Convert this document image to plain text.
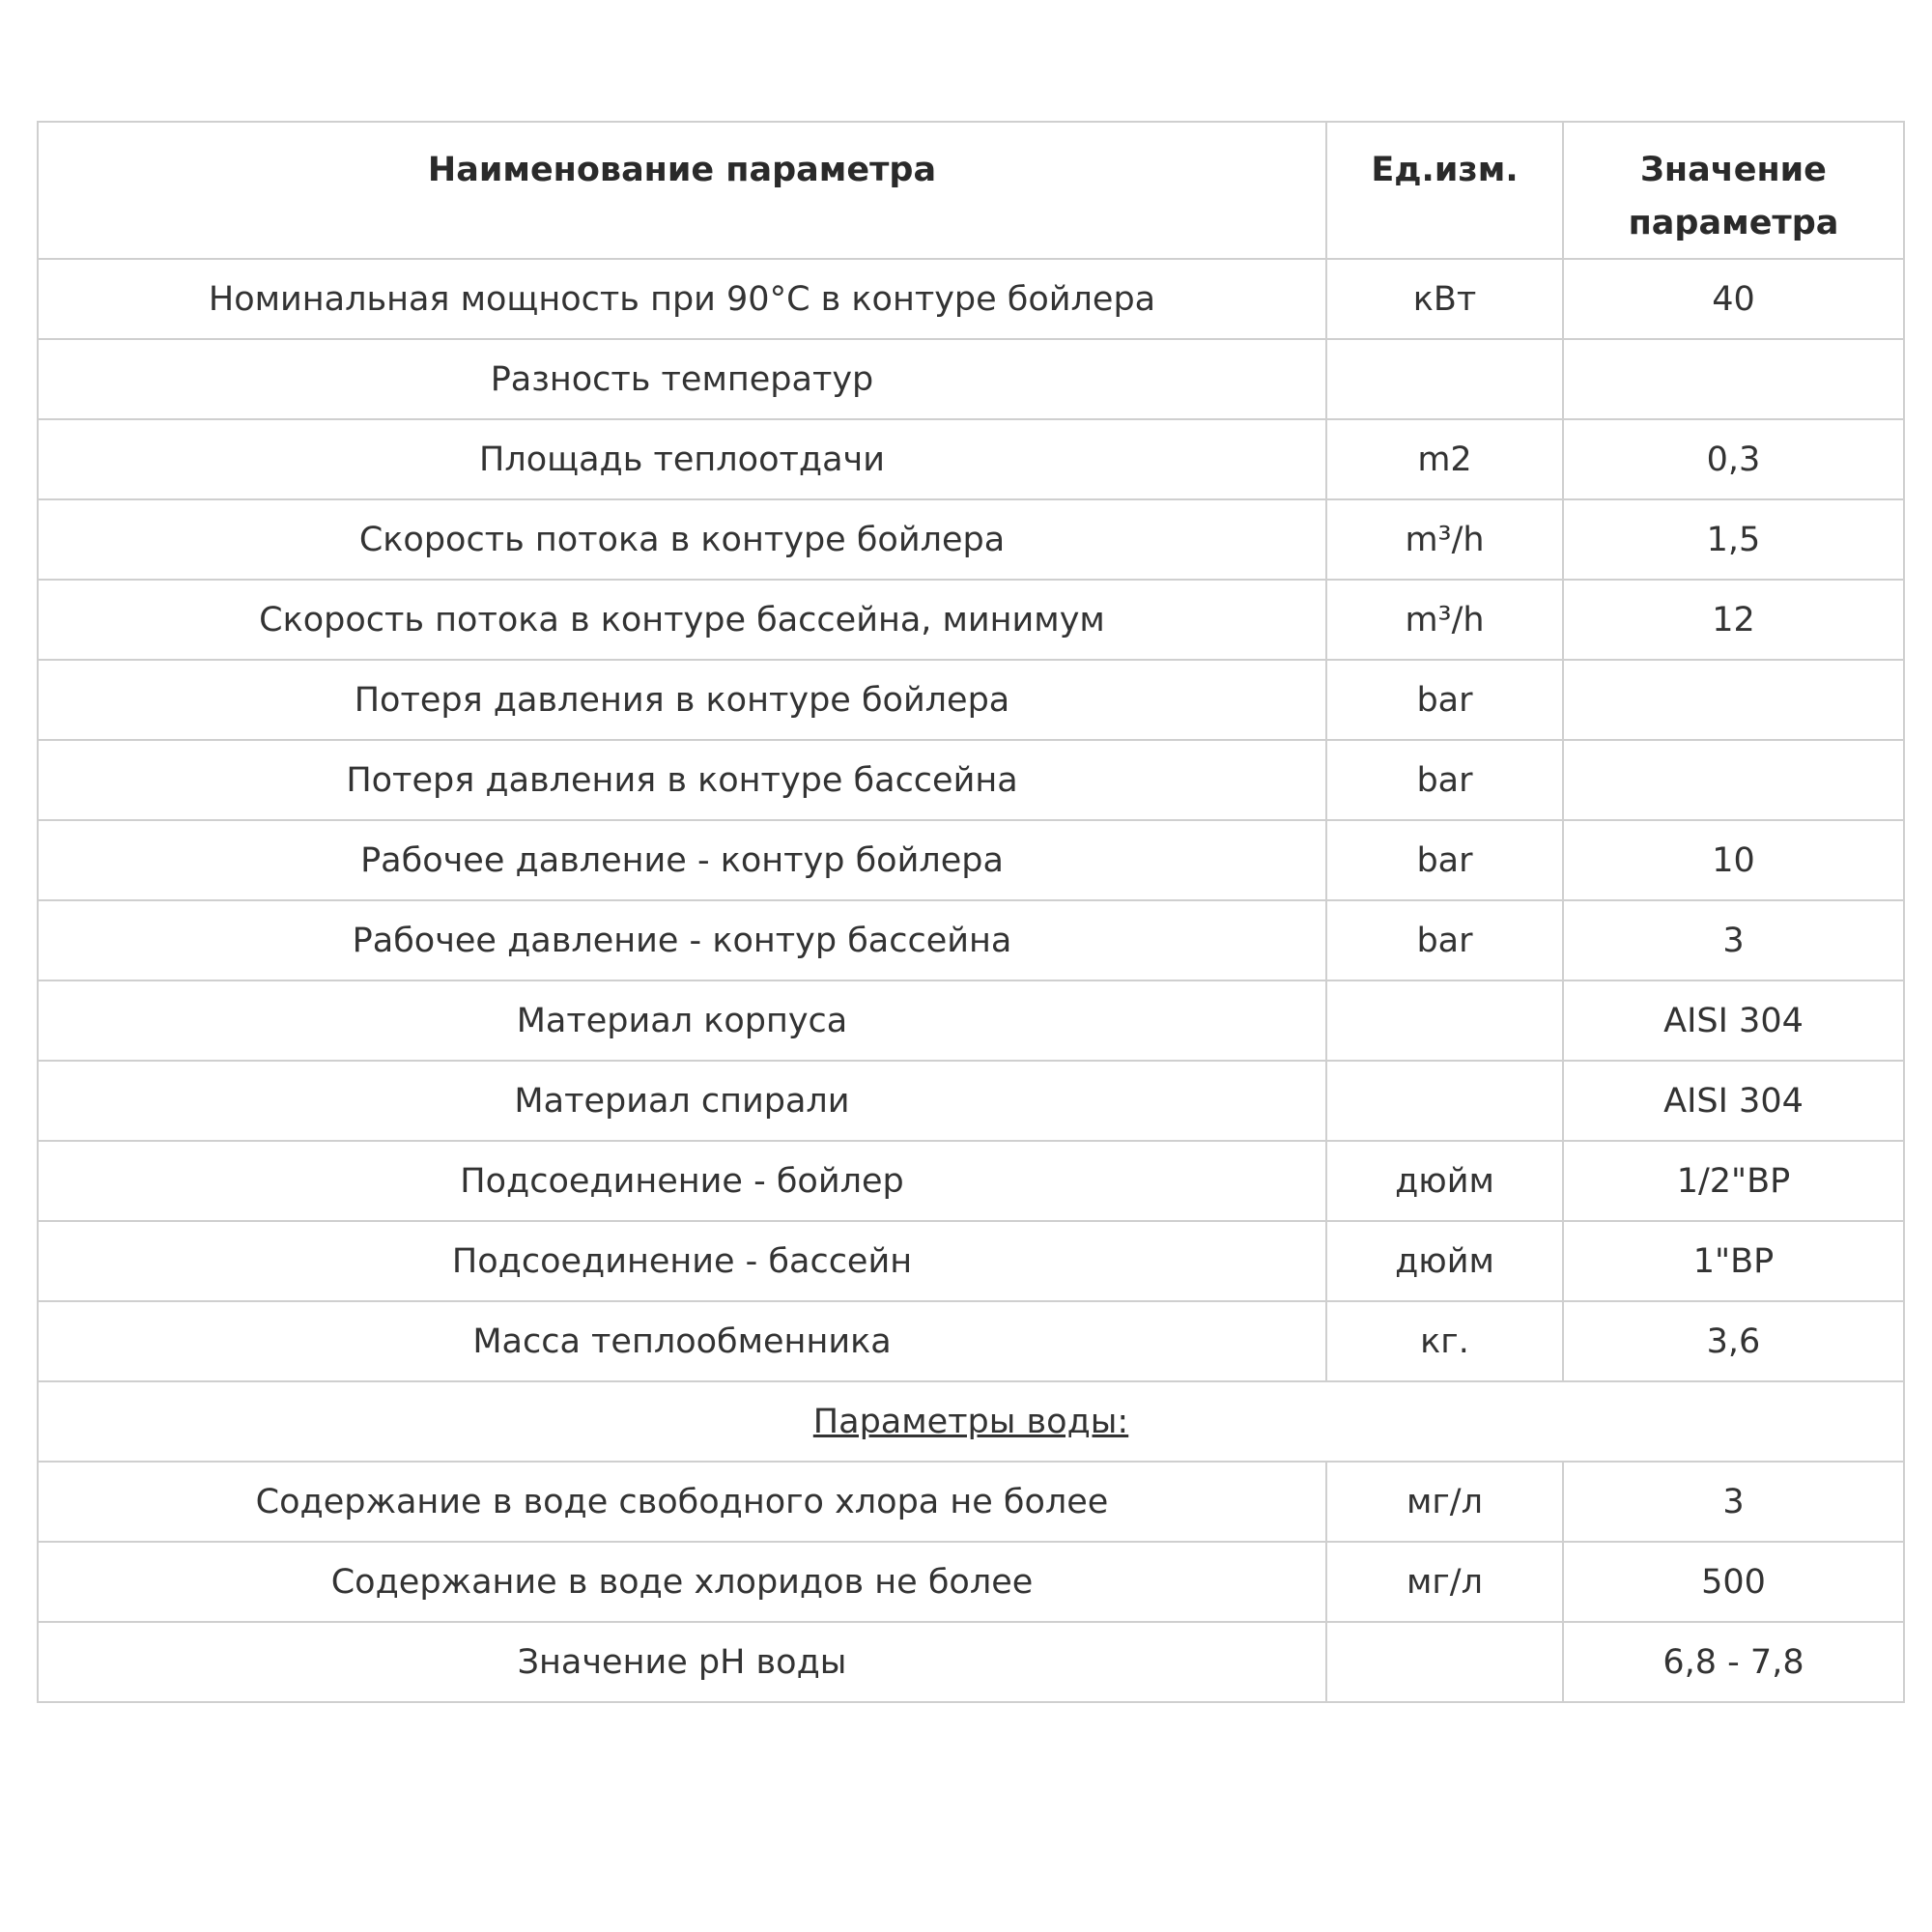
Наименование параметра	Ед.изм.	Значение параметра
Номинальная мощность при 90°С в контуре бойлера	кВт	40
Разность температур		
Площадь теплоотдачи	m2	0,3
Скорость потока в контуре бойлера	m³/h	1,5
Скорость потока в контуре бассейна, минимум	m³/h	12
Потеря давления в контуре бойлера	bar	
Потеря давления в контуре бассейна	bar	
Рабочее давление - контур бойлера	bar	10
Рабочее давление - контур бассейна	bar	3
Материал корпуса		AISI 304
Материал спирали		AISI 304
Подсоединение - бойлер	дюйм	1/2"ВР
Подсоединение - бассейн	дюйм	1"ВР
Масса теплообменника	кг.	3,6
Параметры воды:		
Содержание в воде свободного хлора не более	мг/л	3
Содержание в воде хлоридов не более	мг/л	500
Значение pH воды		6,8 - 7,8
